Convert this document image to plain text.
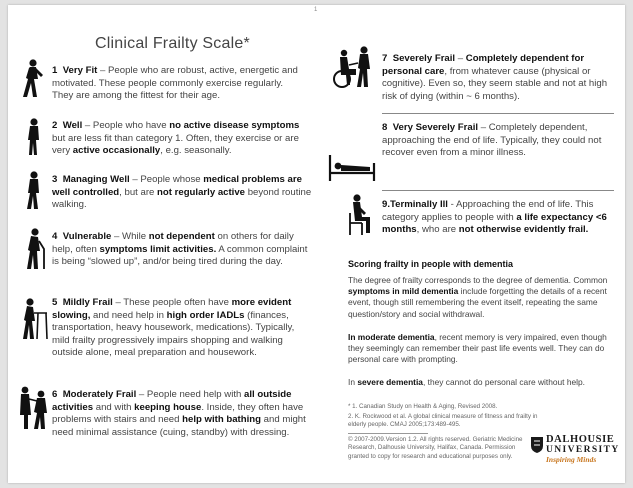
1
Clinical Frailty Scale*
1 Very Fit – People who are robust, active, energetic and motivated. These people commonly exercise regularly. They are among the fittest for their age.
2 Well – People who have no active disease symptoms but are less fit than category 1. Often, they exercise or are very active occasionally, e.g. seasonally.
3 Managing Well – People whose medical problems are well controlled, but are not regularly active beyond routine walking.
4 Vulnerable – While not dependent on others for daily help, often symptoms limit activities. A common complaint is being “slowed up”, and/or being tired during the day.
5 Mildly Frail – These people often have more evident slowing, and need help in high order IADLs (finances, transportation, heavy housework, medications). Typically, mild frailty progressively impairs shopping and walking outside alone, meal preparation and housework.
6 Moderately Frail – People need help with all outside activities and with keeping house. Inside, they often have problems with stairs and need help with bathing and might need minimal assistance (cuing, standby) with dressing.
7 Severely Frail – Completely dependent for personal care, from whatever cause (physical or cognitive). Even so, they seem stable and not at high risk of dying (within ~ 6 months).
8 Very Severely Frail – Completely dependent, approaching the end of life. Typically, they could not recover even from a minor illness.
9.Terminally Ill - Approaching the end of life. This category applies to people with a life expectancy <6 months, who are not otherwise evidently frail.
Scoring frailty in people with dementia
The degree of frailty corresponds to the degree of dementia. Common symptoms in mild dementia include forgetting the details of a recent event, though still remembering the event itself, repeating the same question/story and social withdrawal.
In moderate dementia, recent memory is very impaired, even though they seemingly can remember their past life events well. They can do personal care with prompting.
In severe dementia, they cannot do personal care without help.
* 1. Canadian Study on Health & Aging, Revised 2008.
2. K. Rockwood et al. A global clinical measure of fitness and frailty in elderly people. CMAJ 2005;173:489-495.
© 2007-2009.Version 1.2. All rights reserved. Geriatric Medicine Research, Dalhousie University, Halifax, Canada. Permission granted to copy for research and educational purposes only.
DALHOUSIE
UNIVERSITY
Inspiring Minds
